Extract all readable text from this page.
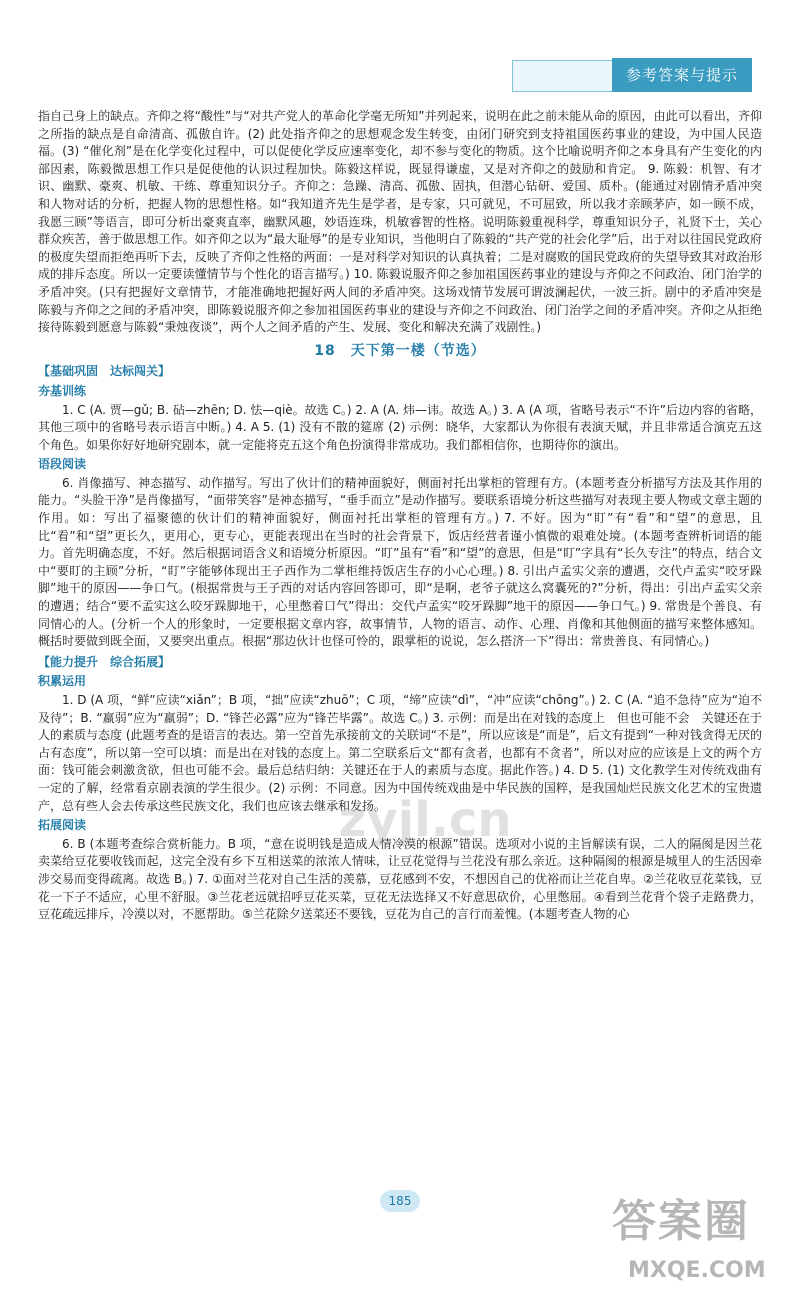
参考答案与提示

指自己身上的缺点。齐仰之将“酸性”与“对共产党人的革命化学毫无所知”并列起来，说明在此之前未能从命的原因，由此可以看出，齐仰之所指的缺点是自命清高、孤傲自许。(2) 此处指齐仰之的思想观念发生转变，由闭门研究到支持祖国医药事业的建设，为中国人民造福。(3) “催化剂”是在化学变化过程中，可以促使化学反应速率变化，却不参与变化的物质。这个比喻说明齐仰之本身具有产生变化的内部因素，陈毅微思想工作只是促使他的认识过程加快。陈毅这样说，既显得谦虚，又是对齐仰之的鼓励和肯定。 9. 陈毅：机智、有才识、幽默、豪爽、机敏、干练、尊重知识分子。齐仰之：急躁、清高、孤傲、固执，但潜心钻研、爱国、质朴。(能通过对剧情矛盾冲突和人物对话的分析，把握人物的思想性格。如“我知道齐先生是学者，是专家，只可就见，不可屈致，所以我才亲顾茅庐，如一顾不成，我愿三顾”等语言，即可分析出豪爽直率，幽默风趣，妙语连珠，机敏睿智的性格。说明陈毅重视科学，尊重知识分子，礼贤下士，关心群众疾苦，善于做思想工作。如齐仰之以为“最大耻辱”的是专业知识，当他明白了陈毅的“共产党的社会化学”后，出于对以往国民党政府的极度失望而拒绝再听下去，反映了齐仰之性格的两面：一是对科学对知识的认真执着；二是对腐败的国民党政府的失望导致其对政治形成的排斥态度。所以一定要读懂情节与个性化的语言描写。) 10. 陈毅说服齐仰之参加祖国医药事业的建设与齐仰之不问政治、闭门治学的矛盾冲突。(只有把握好文章情节，才能准确地把握好两人间的矛盾冲突。这场戏情节发展可谓波澜起伏，一波三折。剧中的矛盾冲突是陈毅与齐仰之之间的矛盾冲突，即陈毅说服齐仰之参加祖国医药事业的建设与齐仰之不问政治、闭门治学之间的矛盾冲突。齐仰之从拒绝接待陈毅到愿意与陈毅“秉烛夜谈”，两个人之间矛盾的产生、发展、变化和解决充满了戏剧性。)

18　天下第一楼（节选）
【基础巩固　达标闯关】
夯基训练

1. C (A. 贾—gǔ; B. 砧—zhēn; D. 怯—qiè。故选 C。) 2. A (A. 炜—讳。故选 A。) 3. A (A 项，省略号表示“不许”后边内容的省略，其他三项中的省略号表示语言中断。) 4. A 5. (1) 没有不散的筵席 (2) 示例：晓华，大家都认为你很有表演天赋，并且非常适合演克五这个角色。如果你好好地研究剧本，就一定能将克五这个角色扮演得非常成功。我们都相信你，也期待你的演出。

语段阅读

6. 肖像描写、神态描写、动作描写。写出了伙计们的精神面貌好，侧面衬托出掌柜的管理有方。(本题考查分析描写方法及其作用的能力。“头脸干净”是肖像描写，“面带笑容”是神态描写，“垂手而立”是动作描写。要联系语境分析这些描写对表现主要人物或文章主题的作用。如：写出了福聚德的伙计们的精神面貌好，侧面衬托出掌柜的管理有方。) 7. 不好。因为“盯”有“看”和“望”的意思，且比“看”和“望”更长久，更用心，更专心，更能表现出在当时的社会背景下，饭店经营者谨小慎微的艰难处境。(本题考查辨析词语的能力。首先明确态度，不好。然后根据词语含义和语境分析原因。“盯”虽有“看”和“望”的意思，但是“盯”字具有“长久专注”的特点，结合文中“要盯的主顾”分析，“盯”字能够体现出王子西作为二掌柜维持饭店生存的小心心理。) 8. 引出卢孟实父亲的遭遇，交代卢孟实“咬牙跺脚”地干的原因——争口气。(根据常贵与王子西的对话内容回答即可，即“是啊，老爷子就这么窝囊死的?”分析，得出：引出卢孟实父亲的遭遇；结合“要不孟实这么咬牙跺脚地干，心里憋着口气”得出：交代卢孟实“咬牙跺脚”地干的原因——争口气。) 9. 常贵是个善良、有同情心的人。(分析一个人的形象时，一定要根据文章内容，故事情节，人物的语言、动作、心理、肖像和其他侧面的描写来整体感知。概括时要做到既全面，又要突出重点。根据“那边伙计也怪可怜的，跟掌柜的说说，怎么搭济一下”得出：常贵善良、有同情心。)

【能力提升　综合拓展】
积累运用

1. D (A 项，“鲜”应读“xiǎn”；B 项，“拙”应读“zhuō”；C 项，“缔”应读“dì”，“冲”应读“chōng”。) 2. C (A. “追不急待”应为“迫不及待”；B. “羸弱”应为“羸弱”；D. “锋芒必露”应为“锋芒毕露”。故选 C。) 3. 示例：而是出在对钱的态度上　但也可能不会　关键还在于人的素质与态度 (此题考查的是语言的表达。第一空首先承接前文的关联词“不是”，所以应该是“而是”，后文有提到“一种对钱贪得无厌的占有态度”，所以第一空可以填：而是出在对钱的态度上。第二空联系后文“都有贪者，也都有不贪者”，所以对应的应该是上文的两个方面：钱可能会刺激贪欲，但也可能不会。最后总结归纳：关键还在于人的素质与态度。据此作答。) 4. D 5. (1) 文化教学生对传统戏曲有一定的了解，经常看京剧表演的学生很少。(2) 示例：不同意。因为中国传统戏曲是中华民族的国粹，是我国灿烂民族文化艺术的宝贵遗产，总有些人会去传承这些民族文化，我们也应该去继承和发扬。

拓展阅读

6. B (本题考查综合赏析能力。B 项，“意在说明钱是造成人情冷漠的根源”错误。选项对小说的主旨解读有误，二人的隔阂是因兰花卖菜给豆花要收钱而起，这完全没有乡下互相送菜的浓浓人情味，让豆花觉得与兰花没有那么亲近。这种隔阂的根源是城里人的生活因牵涉交易而变得疏离。故选 B。) 7. ①面对兰花对自己生活的羡慕，豆花感到不安，不想因自己的优裕而让兰花自卑。②兰花收豆花菜钱，豆花一下子不适应，心里不舒服。③兰花老远就招呼豆花买菜，豆花无法选择又不好意思砍价，心里憋屈。④看到兰花背个袋子走路费力，豆花疏远排斥，冷漠以对，不愿帮助。⑤兰花除夕送菜还不要钱，豆花为自己的言行而羞愧。(本题考查人物的心

zyjl.cn
185	答案圈
MXQE.COM
